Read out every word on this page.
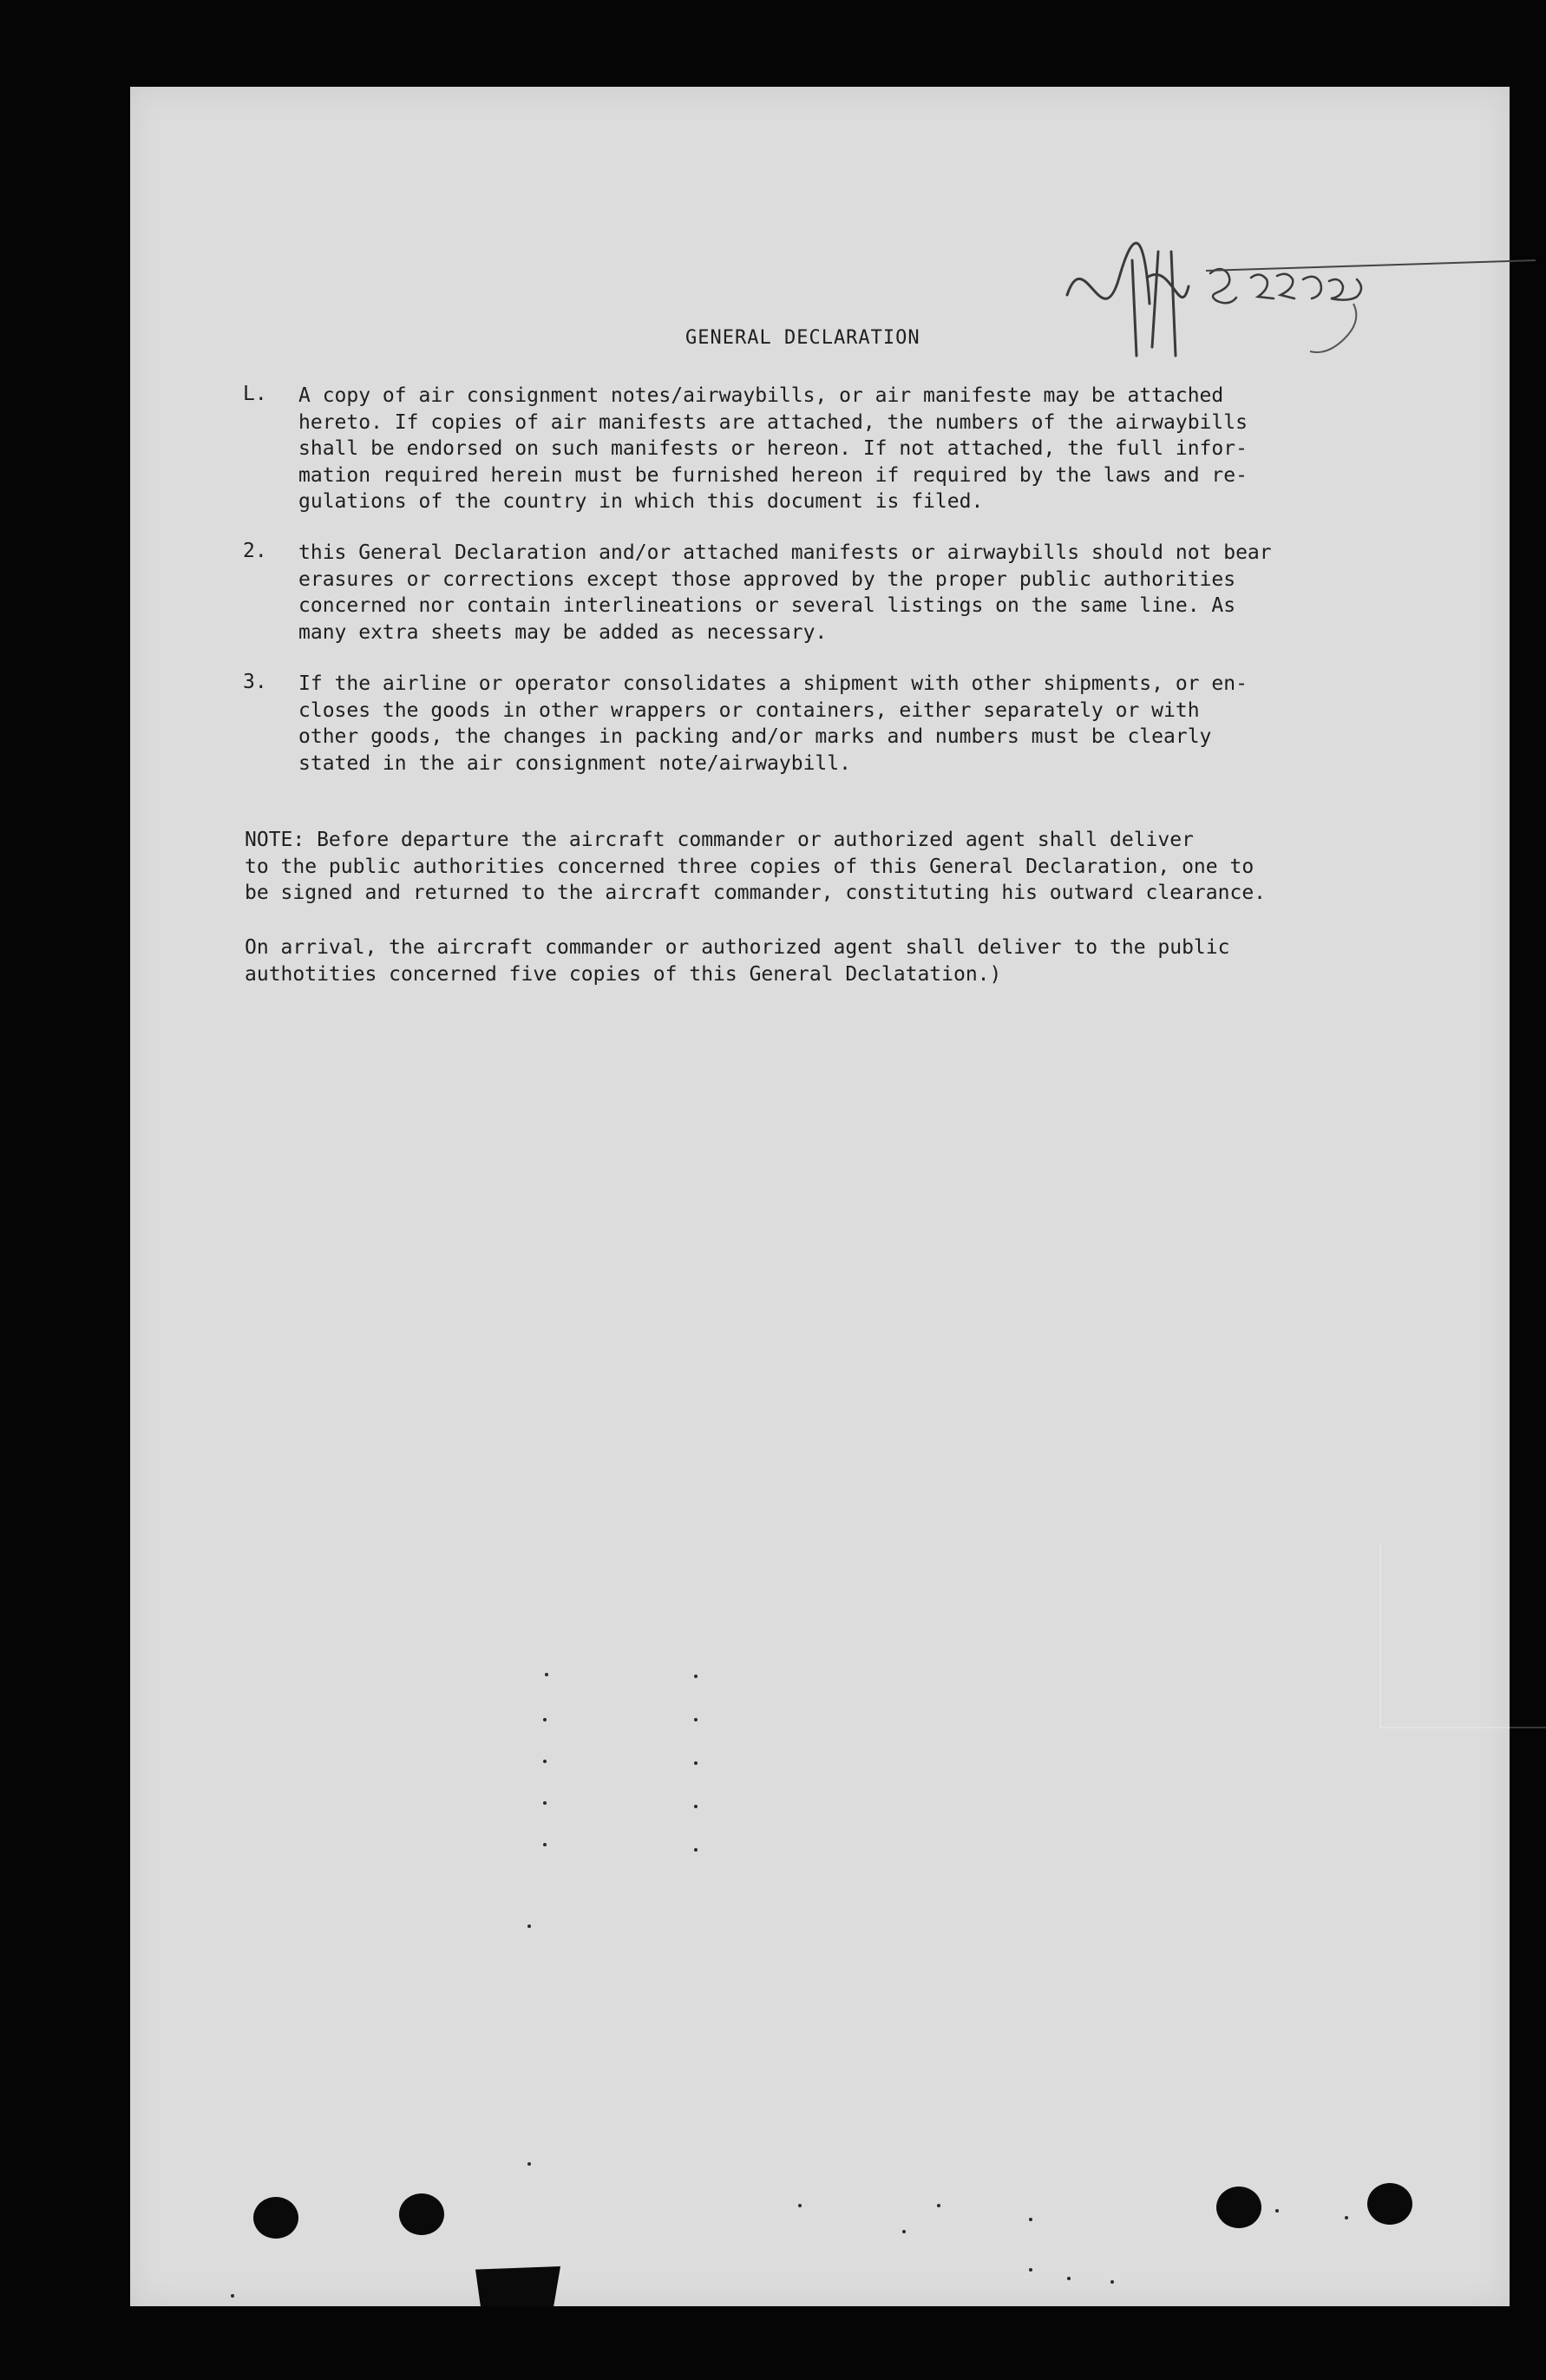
52202
GENERAL DECLARATION
L. A copy of air consignment notes/airwaybills, or air manifeste may be attached
hereto. If copies of air manifests are attached, the numbers of the airwaybills
shall be endorsed on such manifests or hereon. If not attached, the full infor-
mation required herein must be furnished hereon if required by the laws and re-
gulations of the country in which this document is filed.
2. this General Declaration and/or attached manifests or airwaybills should not bear
erasures or corrections except those approved by the proper public authorities
concerned nor contain interlineations or several listings on the same line. As
many extra sheets may be added as necessary.
3. If the airline or operator consolidates a shipment with other shipments, or en-
closes the goods in other wrappers or containers, either separately or with
other goods, the changes in packing and/or marks and numbers must be clearly
stated in the air consignment note/airwaybill.
NOTE: Before departure the aircraft commander or authorized agent shall deliver
to the public authorities concerned three copies of this General Declaration, one to
be signed and returned to the aircraft commander, constituting his outward clearance.
On arrival, the aircraft commander or authorized agent shall deliver to the public
authotities concerned five copies of this General Declatation.)
